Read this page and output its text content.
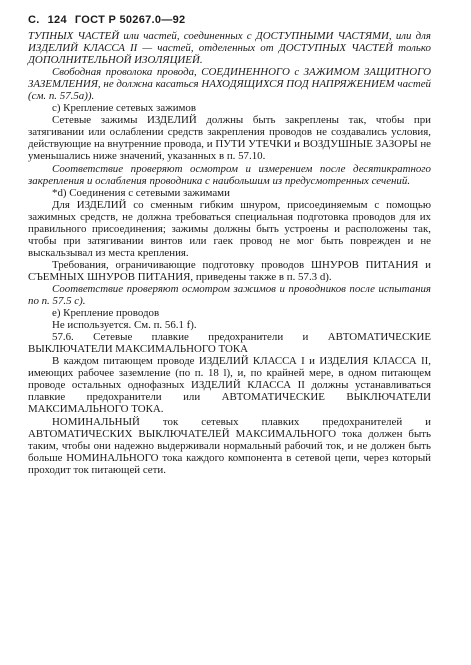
С. 124 ГОСТ Р 50267.0—92

ТУПНЫХ ЧАСТЕЙ или частей, соединенных с ДОСТУПНЫМИ ЧАСТЯМИ, или для ИЗДЕЛИЙ КЛАССА II — частей, отделенных от ДОСТУПНЫХ ЧАСТЕЙ только ДОПОЛНИТЕЛЬНОЙ ИЗОЛЯЦИЕЙ.

Свободная проволока провода, СОЕДИНЕННОГО с ЗАЖИМОМ ЗАЩИТНОГО ЗАЗЕМЛЕНИЯ, не должна касаться НАХОДЯЩИХСЯ ПОД НАПРЯЖЕНИЕМ частей (см. п. 57.5a)).

с) Крепление сетевых зажимов

Сетевые зажимы ИЗДЕЛИЙ должны быть закреплены так, чтобы при затягивании или ослаблении средств закрепления проводов не создавались условия, действующие на внутренние провода, и ПУТИ УТЕЧКИ и ВОЗДУШНЫЕ ЗАЗОРЫ не уменьшались ниже значений, указанных в п. 57.10.

Соответствие проверяют осмотром и измерением после десятикратного закрепления и ослабления проводника с наибольшим из предусмотренных сечений.

*d) Соединения с сетевыми зажимами

Для ИЗДЕЛИЙ со сменным гибким шнуром, присоединяемым с помощью зажимных средств, не должна требоваться специальная подготовка проводов для их правильного присоединения; зажимы должны быть устроены и расположены так, чтобы при затягивании винтов или гаек провод не мог быть поврежден и не выскальзывал из места крепления.

Требования, ограничивающие подготовку проводов ШНУРОВ ПИТАНИЯ и СЪЕМНЫХ ШНУРОВ ПИТАНИЯ, приведены также в п. 57.3 d).

Соответствие проверяют осмотром зажимов и проводников после испытания по п. 57.5 с).

е) Крепление проводов

Не используется. См. п. 56.1 f).

57.6. Сетевые плавкие предохранители и АВТОМАТИЧЕСКИЕ ВЫКЛЮЧАТЕЛИ МАКСИМАЛЬНОГО ТОКА

В каждом питающем проводе ИЗДЕЛИЙ КЛАССА I и ИЗДЕЛИЯ КЛАССА II, имеющих рабочее заземление (по п. 18 l), и, по крайней мере, в одном питающем проводе остальных однофазных ИЗДЕЛИЙ КЛАССА II должны устанавливаться плавкие предохранители или АВТОМАТИЧЕСКИЕ ВЫКЛЮЧАТЕЛИ МАКСИМАЛЬНОГО ТОКА.

НОМИНАЛЬНЫЙ ток сетевых плавких предохранителей и АВТОМАТИЧЕСКИХ ВЫКЛЮЧАТЕЛЕЙ МАКСИМАЛЬНОГО тока должен быть таким, чтобы они надежно выдерживали нормальный рабочий ток, и не должен быть больше НОМИНАЛЬНОГО тока каждого компонента в сетевой цепи, через который проходит ток питающей сети.
